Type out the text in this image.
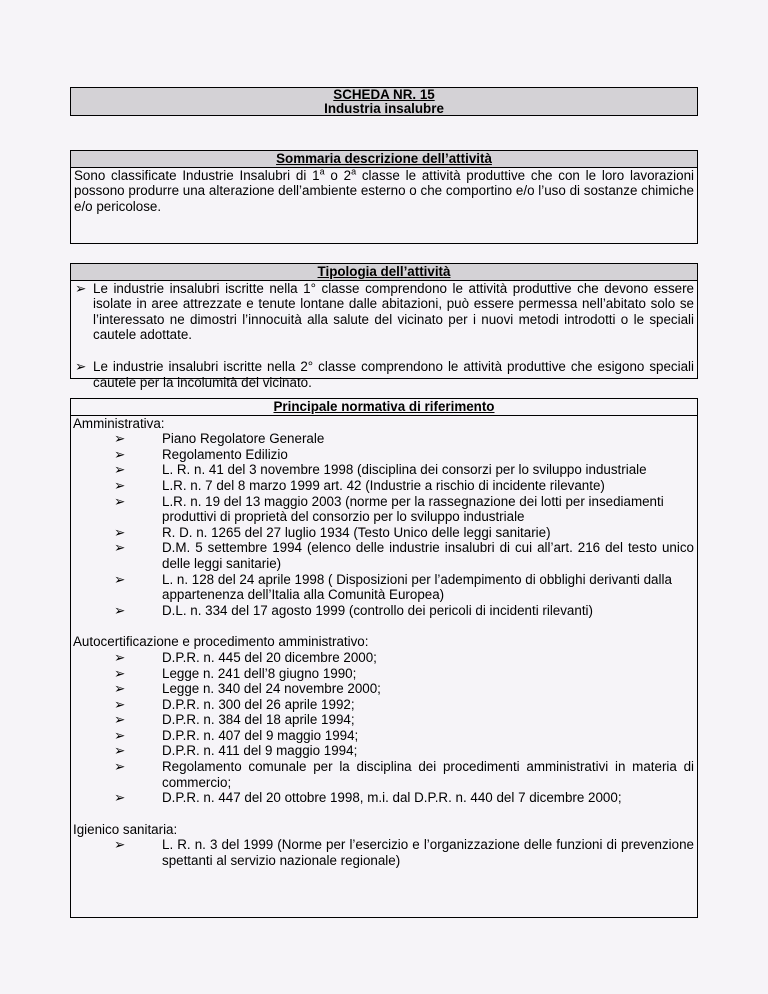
SCHEDA NR. 15
Industria insalubre
Sommaria descrizione dell’attività
Sono classificate Industrie Insalubri di 1$^a$ o 2$^a$ classe le attività produttive che con le loro lavorazioni possono produrre una alterazione dell’ambiente esterno o che comportino e/o l’uso di sostanze chimiche e/o pericolose.
Tipologia dell’attività
➢ Le industrie insalubri iscritte nella 1° classe comprendono le attività produttive che devono essere isolate in aree attrezzate e tenute lontane dalle abitazioni, può essere permessa nell’abitato solo se l’interessato ne dimostri l’innocuità alla salute del vicinato per i nuovi metodi introdotti o le speciali cautele adottate.
➢ Le industrie insalubri iscritte nella 2° classe comprendono le attività produttive che esigono speciali cautele per la incolumità del vicinato.
Principale normativa di riferimento
Amministrativa:
➢	Piano Regolatore Generale
➢	Regolamento Edilizio
➢	L. R. n. 41 del 3 novembre 1998 (disciplina dei consorzi per lo sviluppo industriale
➢	L.R. n. 7 del 8 marzo 1999 art. 42 (Industrie a rischio di incidente rilevante)
➢	L.R. n. 19 del 13 maggio 2003 (norme per la rassegnazione dei lotti per insediamenti produttivi di proprietà del consorzio per lo sviluppo industriale
➢	R. D. n. 1265 del 27 luglio 1934 (Testo Unico delle leggi sanitarie)
➢	D.M. 5 settembre 1994 (elenco delle industrie insalubri di cui all’art. 216 del testo unico delle leggi sanitarie)
➢	L. n. 128 del 24 aprile 1998 ( Disposizioni per l’adempimento di obblighi derivanti dalla appartenenza dell’Italia alla Comunità Europea)
➢	D.L. n. 334 del 17 agosto 1999 (controllo dei pericoli di incidenti rilevanti)
Autocertificazione e procedimento amministrativo:
➢	D.P.R. n. 445 del 20 dicembre 2000;
➢	Legge n. 241 dell’8 giugno 1990;
➢	Legge n. 340 del 24 novembre 2000;
➢	D.P.R. n. 300 del 26 aprile 1992;
➢	D.P.R. n. 384 del 18 aprile 1994;
➢	D.P.R. n. 407 del 9 maggio 1994;
➢	D.P.R. n. 411 del 9 maggio 1994;
➢	Regolamento comunale per la disciplina dei procedimenti amministrativi in materia di commercio;
➢	D.P.R. n. 447 del 20 ottobre 1998, m.i. dal D.P.R. n. 440 del 7 dicembre 2000;
Igienico sanitaria:
➢	L. R. n. 3 del 1999 (Norme per l’esercizio e l’organizzazione delle funzioni di prevenzione spettanti al servizio nazionale regionale)
